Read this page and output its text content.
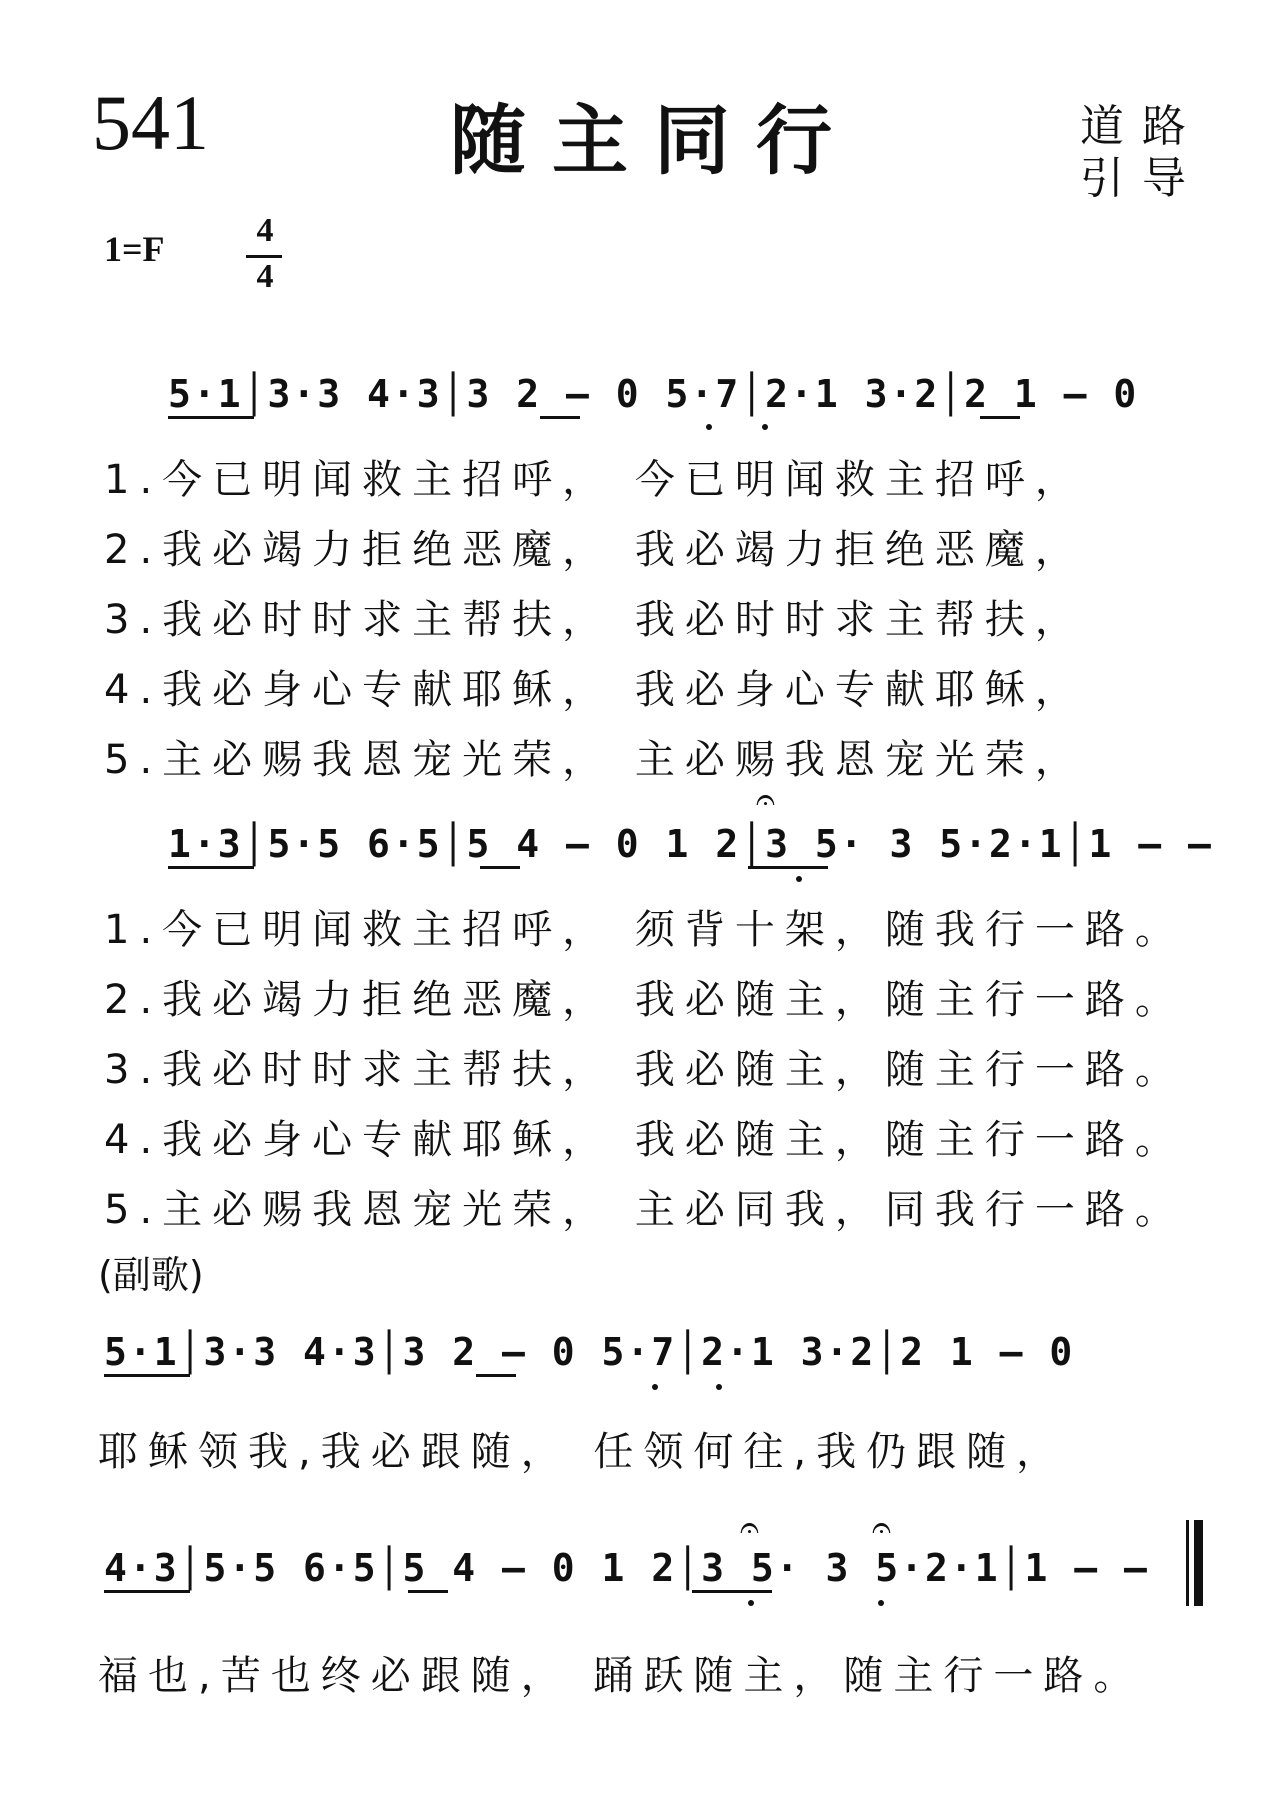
541	随主同行	道路
引导
1=F	4
4
5·1│3·3 4·3│3 2 – 0 5·7│2·1 3·2│2 1 – 0
1.今已明闻救主招呼， 今已明闻救主招呼，
2.我必竭力拒绝恶魔， 我必竭力拒绝恶魔，
3.我必时时求主帮扶， 我必时时求主帮扶，
4.我必身心专献耶稣， 我必身心专献耶稣，
5.主必赐我恩宠光荣， 主必赐我恩宠光荣，
𝄐
1·3│5·5 6·5│5 4 – 0 1 2│3 5· 3 5·2·1│1 – –
1.今已明闻救主招呼， 须背十架，随我行一路。
2.我必竭力拒绝恶魔， 我必随主，随主行一路。
3.我必时时求主帮扶， 我必随主，随主行一路。
4.我必身心专献耶稣， 我必随主，随主行一路。
5.主必赐我恩宠光荣， 主必同我，同我行一路。
(副歌)
5·1│3·3 4·3│3 2 – 0 5·7│2·1 3·2│2 1 – 0
耶稣领我,我必跟随， 任领何往,我仍跟随，
𝄐	𝄐
4·3│5·5 6·5│5 4 – 0 1 2│3 5· 3 5·2·1│1 – –
福也,苦也终必跟随， 踊跃随主，随主行一路。
